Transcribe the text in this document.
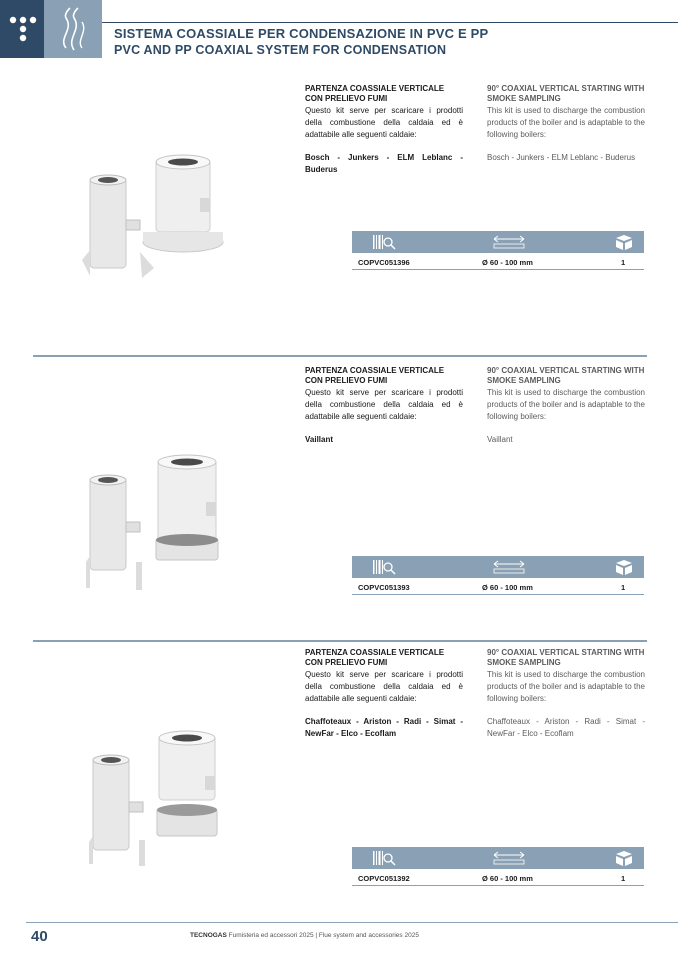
SISTEMA COASSIALE PER CONDENSAZIONE IN PVC E PP
PVC AND PP COAXIAL SYSTEM FOR CONDENSATION
PARTENZA COASSIALE VERTICALE CON PRELIEVO FUMI
Questo kit serve per scaricare i prodotti della combustione della caldaia ed è adattabile alle seguenti caldaie:
Bosch - Junkers - ELM Leblanc - Buderus
90° COAXIAL VERTICAL STARTING WITH SMOKE SAMPLING
This kit is used to discharge the combustion products of the boiler and is adaptable to the following boilers:
Bosch - Junkers - ELM Leblanc - Buderus
COPVC051396	Ø 60 - 100 mm	1
PARTENZA COASSIALE VERTICALE CON PRELIEVO FUMI
Questo kit serve per scaricare i prodotti della combustione della caldaia ed è adattabile alle seguenti caldaie:
Vaillant
90° COAXIAL VERTICAL STARTING WITH SMOKE SAMPLING
This kit is used to discharge the combustion products of the boiler and is adaptable to the following boilers:
Vaillant
COPVC051393	Ø 60 - 100 mm	1
PARTENZA COASSIALE VERTICALE CON PRELIEVO FUMI
Questo kit serve per scaricare i prodotti della combustione della caldaia ed è adattabile alle seguenti caldaie:
Chaffoteaux - Ariston - Radi - Simat - NewFar - Elco - Ecoflam
90° COAXIAL VERTICAL STARTING WITH SMOKE SAMPLING
This kit is used to discharge the combustion products of the boiler and is adaptable to the following boilers:
Chaffoteaux - Ariston - Radi - Simat - NewFar - Elco - Ecoflam
COPVC051392	Ø 60 - 100 mm	1
40	TECNOGAS Fumisteria ed accessori 2025 | Flue system and accessories 2025
